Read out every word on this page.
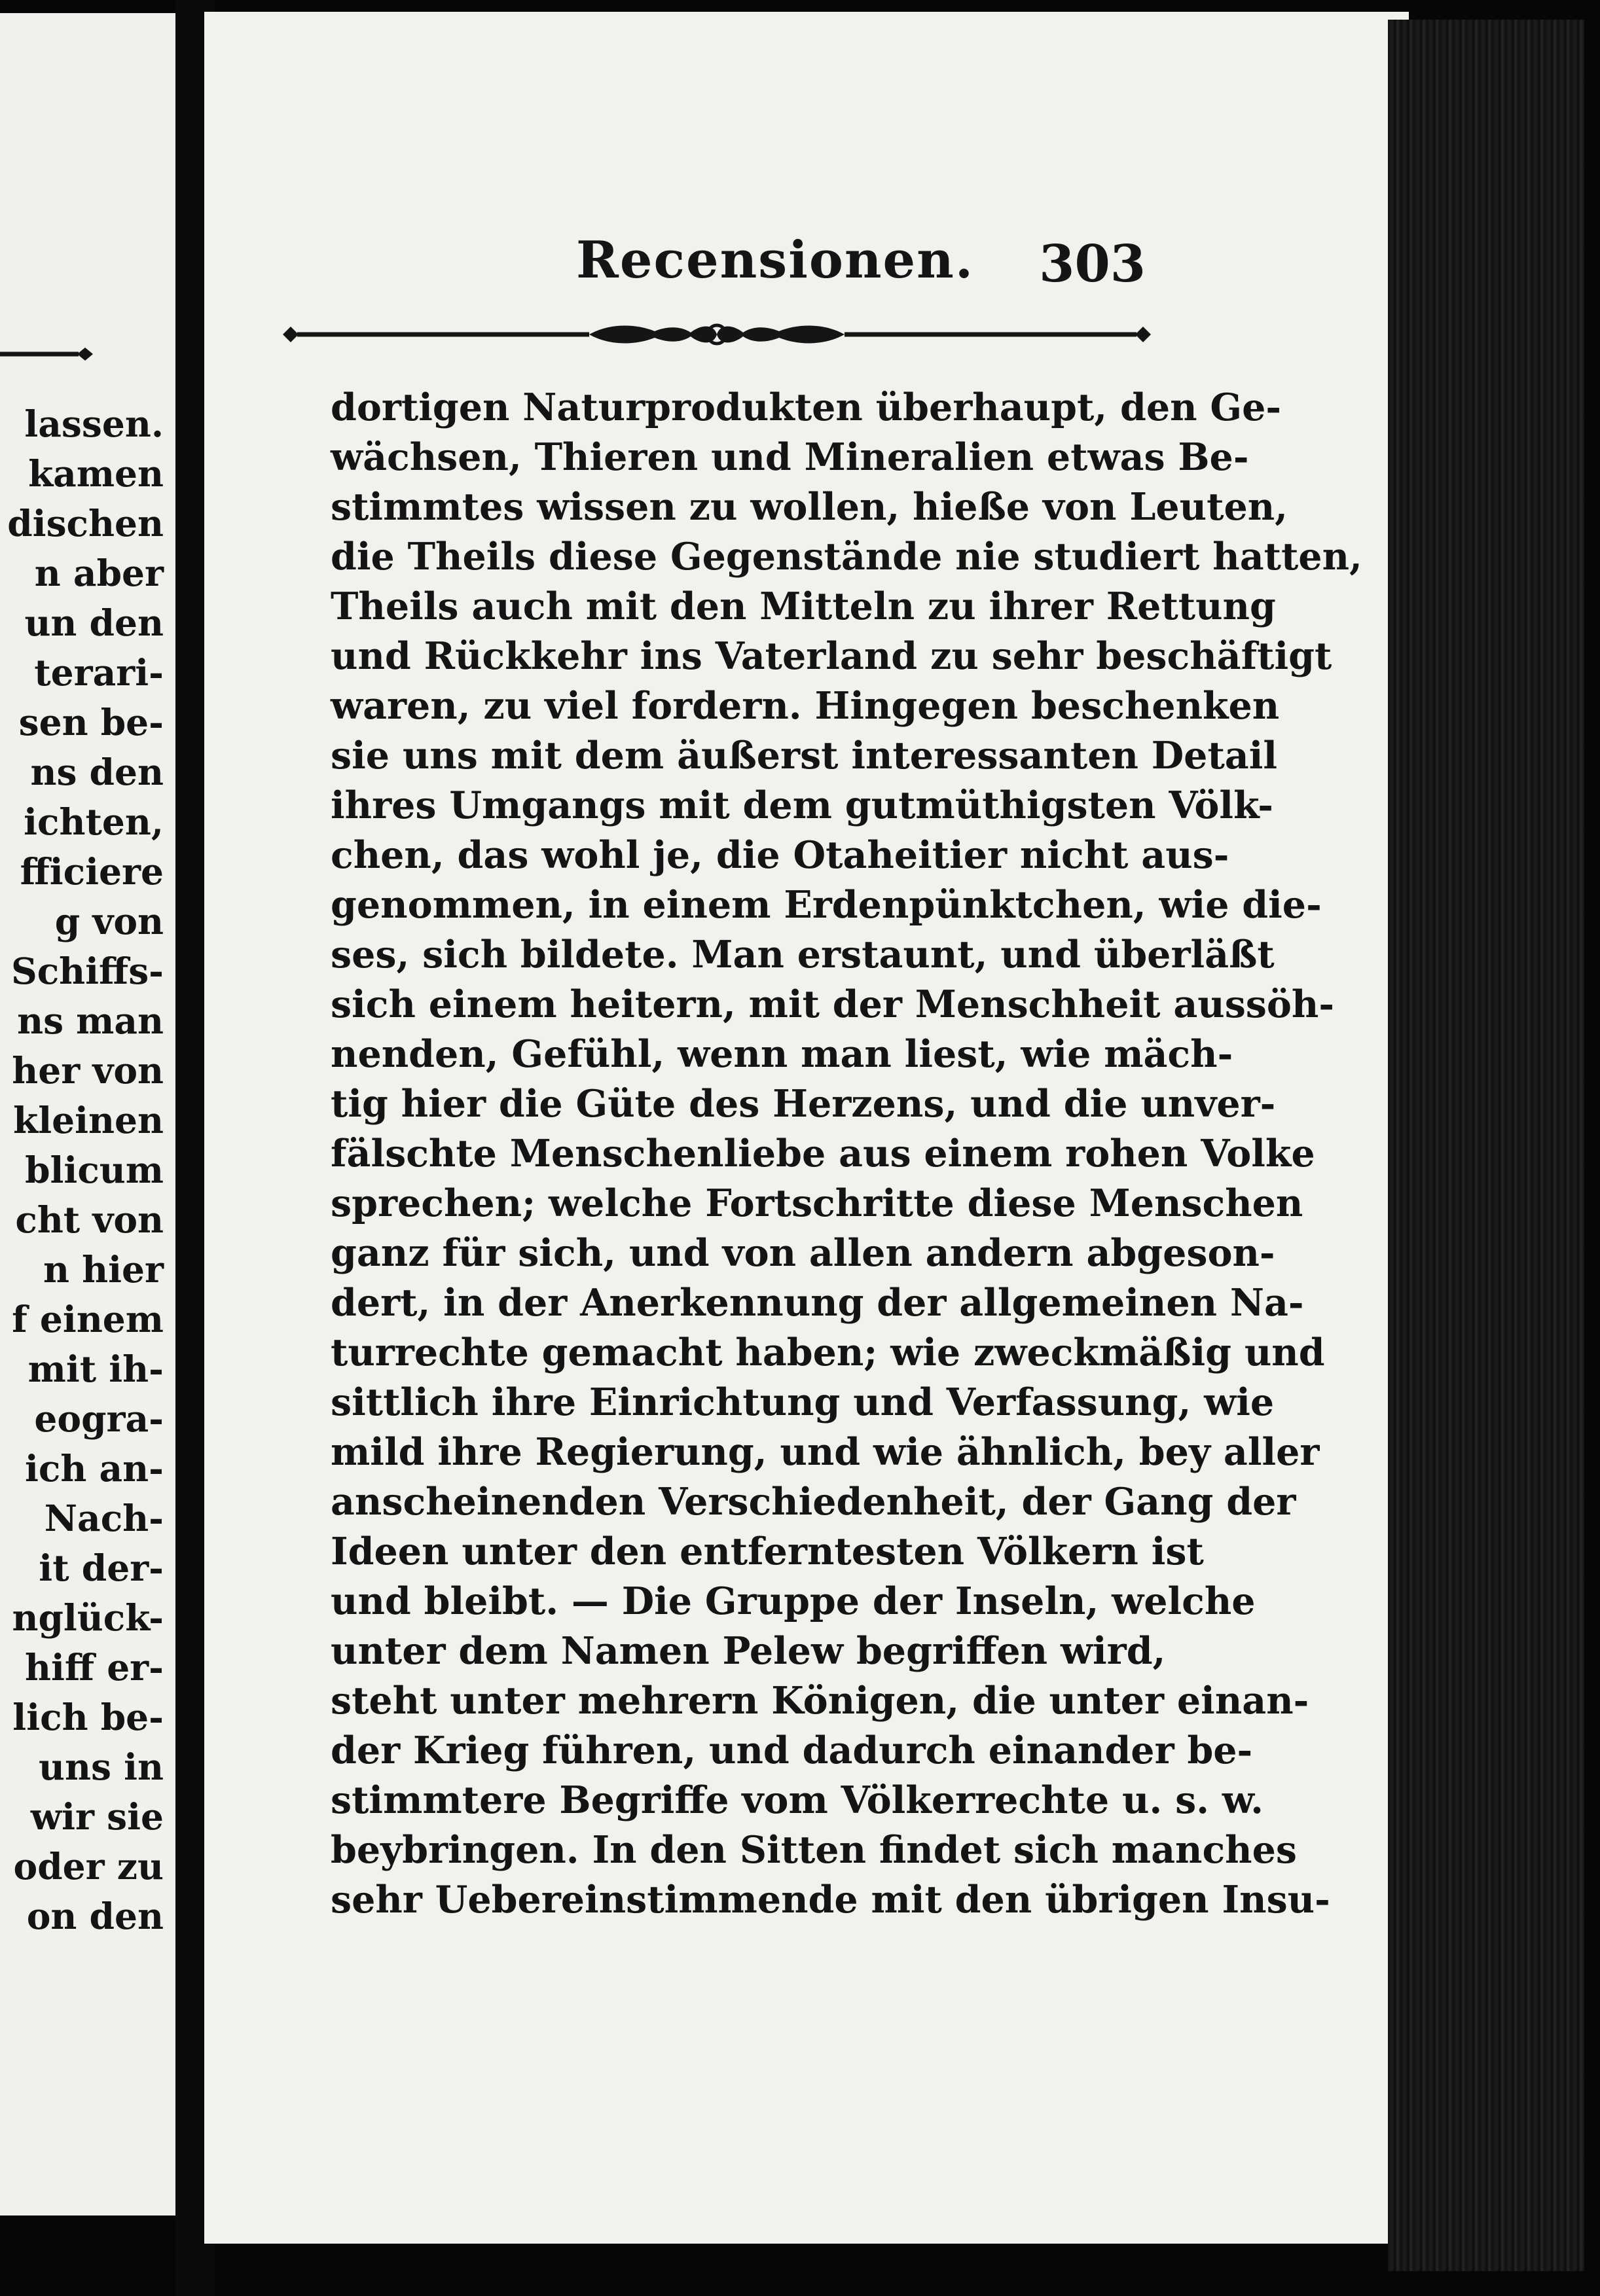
lassen.
kamen
dischen
n aber
un den
terari-
sen be-
ns den
ichten,
fficiere
g von
Schiffs-
ns man
her von
kleinen
blicum
cht von
n hier
f einem
mit ih-
eogra-
ich an-
Nach-
it der-
nglück-
hiff er-
lich be-
uns in
wir sie
oder zu
on den
Recensionen. 303
dortigen Naturprodukten überhaupt, den Ge-
wächsen, Thieren und Mineralien etwas Be-
stimmtes wissen zu wollen, hieße von Leuten,
die Theils diese Gegenstände nie studiert hatten,
Theils auch mit den Mitteln zu ihrer Rettung
und Rückkehr ins Vaterland zu sehr beschäftigt
waren, zu viel fordern. Hingegen beschenken
sie uns mit dem äußerst interessanten Detail
ihres Umgangs mit dem gutmüthigsten Völk-
chen, das wohl je, die Otaheitier nicht aus-
genommen, in einem Erdenpünktchen, wie die-
ses, sich bildete. Man erstaunt, und überläßt
sich einem heitern, mit der Menschheit aussöh-
nenden, Gefühl, wenn man liest, wie mäch-
tig hier die Güte des Herzens, und die unver-
fälschte Menschenliebe aus einem rohen Volke
sprechen; welche Fortschritte diese Menschen
ganz für sich, und von allen andern abgeson-
dert, in der Anerkennung der allgemeinen Na-
turrechte gemacht haben; wie zweckmäßig und
sittlich ihre Einrichtung und Verfassung, wie
mild ihre Regierung, und wie ähnlich, bey aller
anscheinenden Verschiedenheit, der Gang der
Ideen unter den entferntesten Völkern ist
und bleibt. — Die Gruppe der Inseln, welche
unter dem Namen Pelew begriffen wird,
steht unter mehrern Königen, die unter einan-
der Krieg führen, und dadurch einander be-
stimmtere Begriffe vom Völkerrechte u. s. w.
beybringen. In den Sitten findet sich manches
sehr Uebereinstimmende mit den übrigen Insu-
